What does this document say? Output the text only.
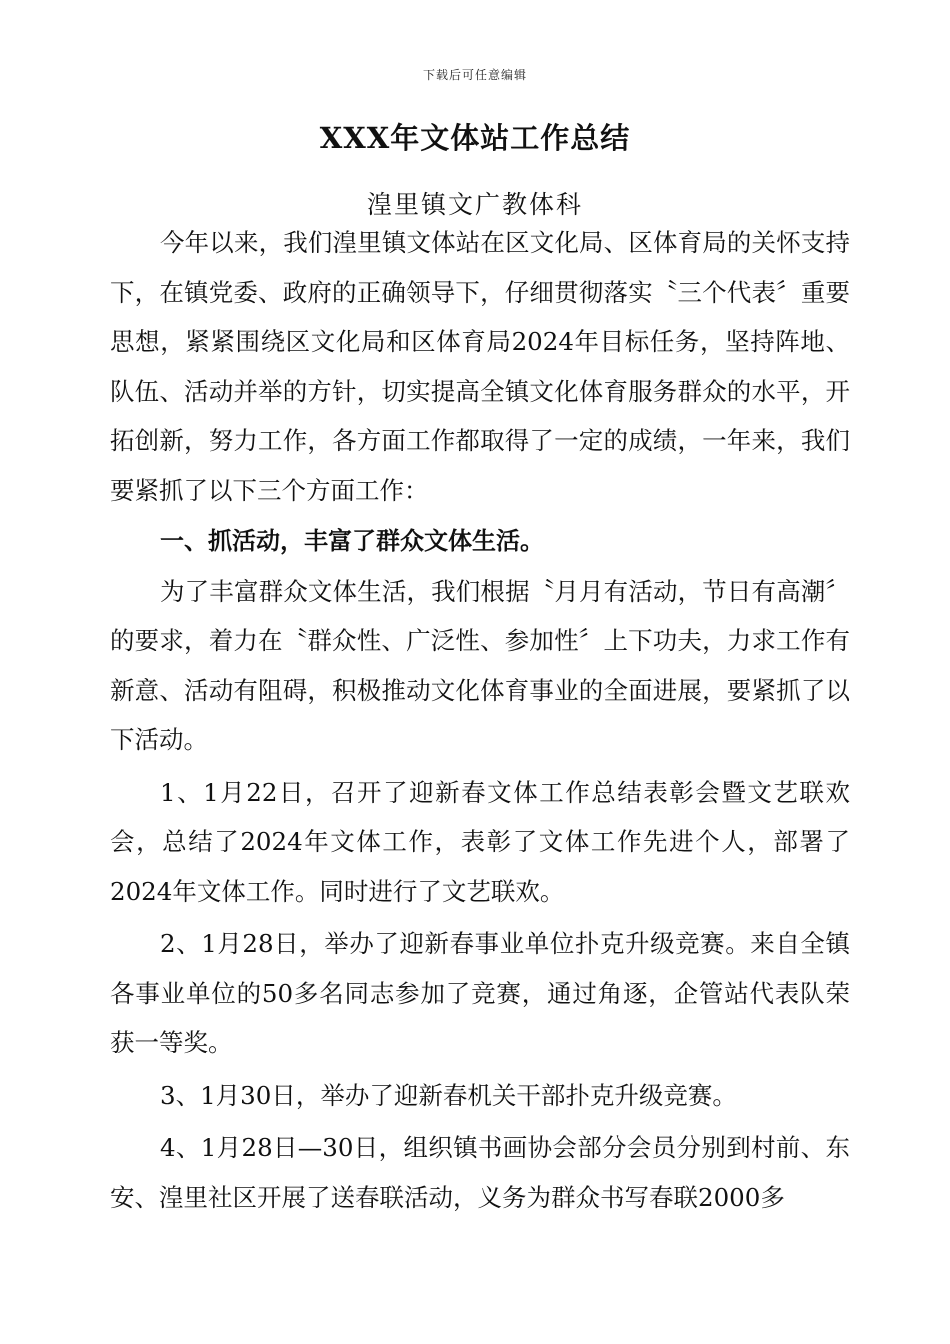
下载后可任意编辑
XXX年文体站工作总结
湟里镇文广教体科

今年以来，我们湟里镇文体站在区文化局、区体育局的关怀支持下，在镇党委、政府的正确领导下，仔细贯彻落实〝三个代表〞重要思想，紧紧围绕区文化局和区体育局2024年目标任务，坚持阵地、队伍、活动并举的方针，切实提高全镇文化体育服务群众的水平，开拓创新，努力工作，各方面工作都取得了一定的成绩，一年来，我们要紧抓了以下三个方面工作：

一、抓活动，丰富了群众文体生活。

为了丰富群众文体生活，我们根据〝月月有活动，节日有高潮〞的要求，着力在〝群众性、广泛性、参加性〞上下功夫，力求工作有新意、活动有阻碍，积极推动文化体育事业的全面进展，要紧抓了以下活动。

1、1月22日，召开了迎新春文体工作总结表彰会暨文艺联欢会，总结了2024年文体工作，表彰了文体工作先进个人，部署了2024年文体工作。同时进行了文艺联欢。

2、1月28日，举办了迎新春事业单位扑克升级竞赛。来自全镇各事业单位的50多名同志参加了竞赛，通过角逐，企管站代表队荣获一等奖。

3、1月30日，举办了迎新春机关干部扑克升级竞赛。

4、1月28日—30日，组织镇书画协会部分会员分别到村前、东安、湟里社区开展了送春联活动，义务为群众书写春联2000多
